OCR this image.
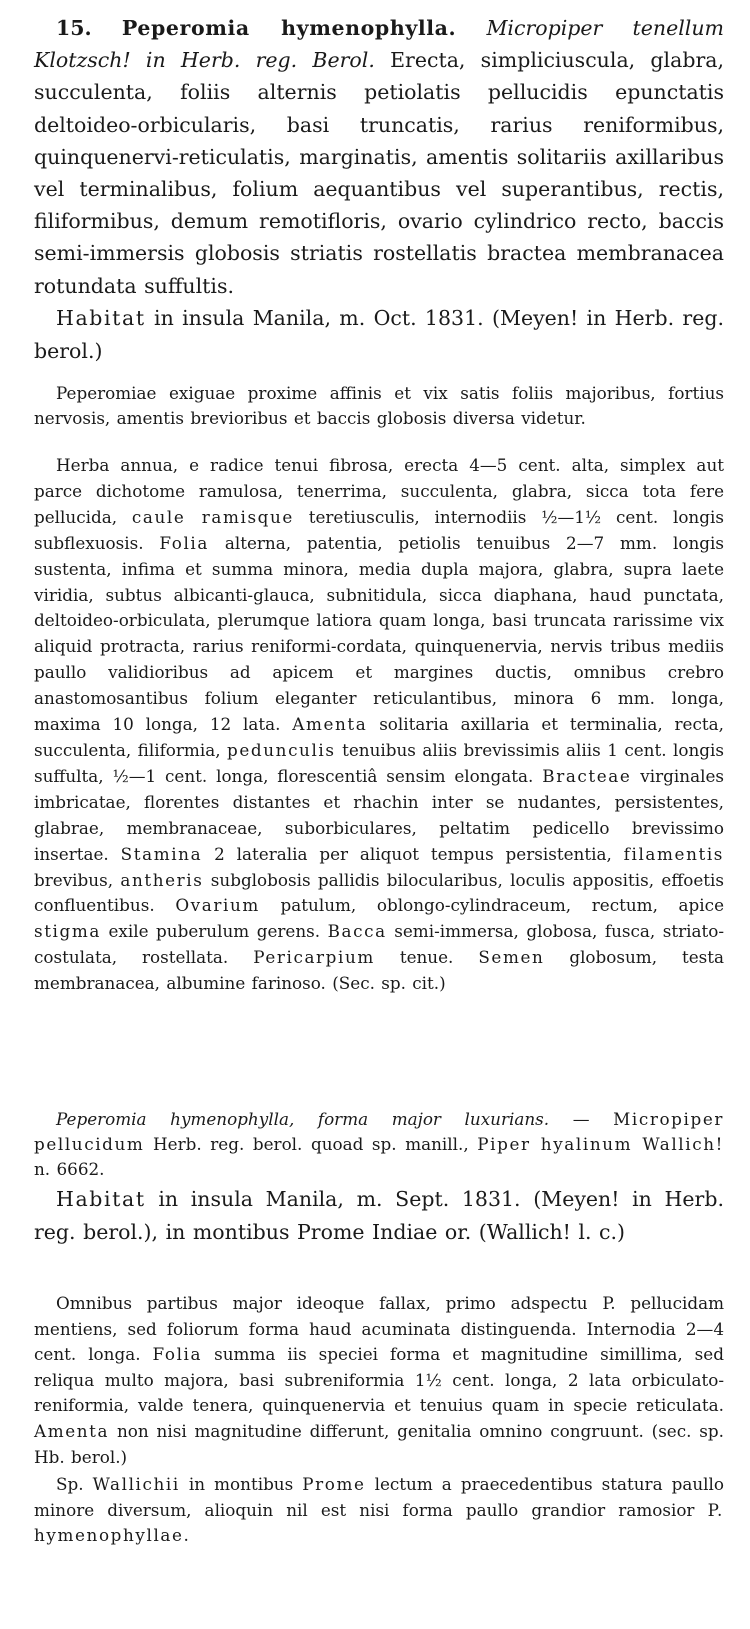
15. Peperomia hymenophylla. Micropiper tenellum Klotzsch! in Herb. reg. Berol. Erecta, simpliciuscula, glabra, succulenta, foliis alternis petiolatis pellucidis epunctatis deltoideo-orbicularis, basi truncatis, rarius reniformibus, quinquenervi-reticulatis, marginatis, amentis solitariis axillaribus vel terminalibus, folium aequantibus vel superantibus, rectis, filiformibus, demum remotifloris, ovario cylindrico recto, baccis semi-immersis globosis striatis rostellatis bractea membranacea rotundata suffultis.

Habitat in insula Manila, m. Oct. 1831. (Meyen! in Herb. reg. berol.)

Peperomiae exiguae proxime affinis et vix satis foliis majoribus, fortius nervosis, amentis brevioribus et baccis globosis diversa videtur.

Herba annua, e radice tenui fibrosa, erecta 4—5 cent. alta, simplex aut parce dichotome ramulosa, tenerrima, succulenta, glabra, sicca tota fere pellucida, caule ramisque teretiusculis, internodiis ½—1½ cent. longis subflexuosis. Folia alterna, patentia, petiolis tenuibus 2—7 mm. longis sustenta, infima et summa minora, media dupla majora, glabra, supra laete viridia, subtus albicanti-glauca, subnitidula, sicca diaphana, haud punctata, deltoideo-orbiculata, plerumque latiora quam longa, basi truncata rarissime vix aliquid protracta, rarius reniformi-cordata, quinquenervia, nervis tribus mediis paullo validioribus ad apicem et margines ductis, omnibus crebro anastomosantibus folium eleganter reticulantibus, minora 6 mm. longa, maxima 10 longa, 12 lata. Amenta solitaria axillaria et terminalia, recta, succulenta, filiformia, pedunculis tenuibus aliis brevissimis aliis 1 cent. longis suffulta, ½—1 cent. longa, florescentiâ sensim elongata. Bracteae virginales imbricatae, florentes distantes et rhachin inter se nudantes, persistentes, glabrae, membranaceae, suborbiculares, peltatim pedicello brevissimo insertae. Stamina 2 lateralia per aliquot tempus persistentia, filamentis brevibus, antheris subglobosis pallidis bilocularibus, loculis appositis, effoetis confluentibus. Ovarium patulum, oblongo-cylindraceum, rectum, apice stigma exile puberulum gerens. Bacca semi-immersa, globosa, fusca, striato-costulata, rostellata. Pericarpium tenue. Semen globosum, testa membranacea, albumine farinoso. (Sec. sp. cit.)

Peperomia hymenophylla, forma major luxurians. — Micropiper pellucidum Herb. reg. berol. quoad sp. manill., Piper hyalinum Wallich! n. 6662.

Habitat in insula Manila, m. Sept. 1831. (Meyen! in Herb. reg. berol.), in montibus Prome Indiae or. (Wallich! l. c.)

Omnibus partibus major ideoque fallax, primo adspectu P. pellucidam mentiens, sed foliorum forma haud acuminata distinguenda. Internodia 2—4 cent. longa. Folia summa iis speciei forma et magnitudine simillima, sed reliqua multo majora, basi subreniformia 1½ cent. longa, 2 lata orbiculato-reniformia, valde tenera, quinquenervia et tenuius quam in specie reticulata. Amenta non nisi magnitudine differunt, genitalia omnino congruunt. (sec. sp. Hb. berol.)

Sp. Wallichii in montibus Prome lectum a praecedentibus statura paullo minore diversum, alioquin nil est nisi forma paullo grandior ramosior P. hymenophyllae.
